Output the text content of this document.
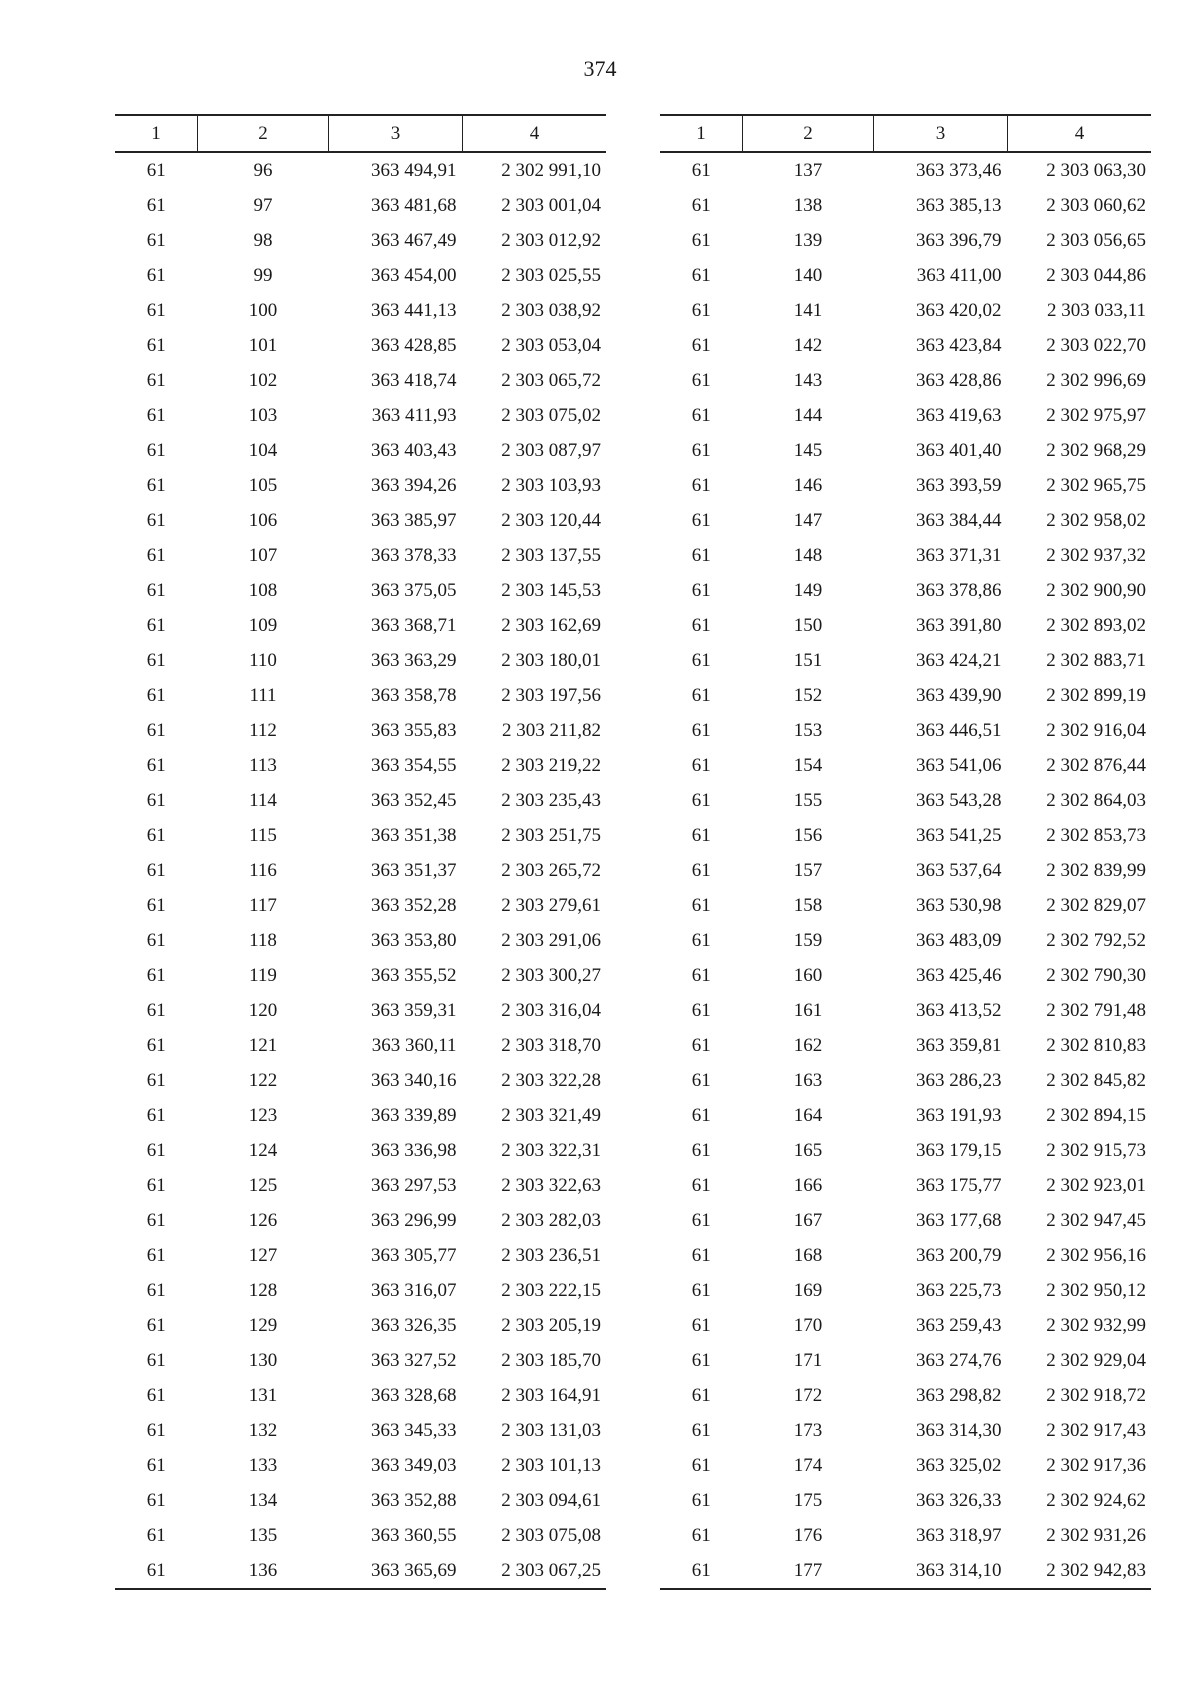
374
1	2	3	4
61	96	363 494,91	2 302 991,10
61	97	363 481,68	2 303 001,04
61	98	363 467,49	2 303 012,92
61	99	363 454,00	2 303 025,55
61	100	363 441,13	2 303 038,92
61	101	363 428,85	2 303 053,04
61	102	363 418,74	2 303 065,72
61	103	363 411,93	2 303 075,02
61	104	363 403,43	2 303 087,97
61	105	363 394,26	2 303 103,93
61	106	363 385,97	2 303 120,44
61	107	363 378,33	2 303 137,55
61	108	363 375,05	2 303 145,53
61	109	363 368,71	2 303 162,69
61	110	363 363,29	2 303 180,01
61	111	363 358,78	2 303 197,56
61	112	363 355,83	2 303 211,82
61	113	363 354,55	2 303 219,22
61	114	363 352,45	2 303 235,43
61	115	363 351,38	2 303 251,75
61	116	363 351,37	2 303 265,72
61	117	363 352,28	2 303 279,61
61	118	363 353,80	2 303 291,06
61	119	363 355,52	2 303 300,27
61	120	363 359,31	2 303 316,04
61	121	363 360,11	2 303 318,70
61	122	363 340,16	2 303 322,28
61	123	363 339,89	2 303 321,49
61	124	363 336,98	2 303 322,31
61	125	363 297,53	2 303 322,63
61	126	363 296,99	2 303 282,03
61	127	363 305,77	2 303 236,51
61	128	363 316,07	2 303 222,15
61	129	363 326,35	2 303 205,19
61	130	363 327,52	2 303 185,70
61	131	363 328,68	2 303 164,91
61	132	363 345,33	2 303 131,03
61	133	363 349,03	2 303 101,13
61	134	363 352,88	2 303 094,61
61	135	363 360,55	2 303 075,08
61	136	363 365,69	2 303 067,25
1	2	3	4
61	137	363 373,46	2 303 063,30
61	138	363 385,13	2 303 060,62
61	139	363 396,79	2 303 056,65
61	140	363 411,00	2 303 044,86
61	141	363 420,02	2 303 033,11
61	142	363 423,84	2 303 022,70
61	143	363 428,86	2 302 996,69
61	144	363 419,63	2 302 975,97
61	145	363 401,40	2 302 968,29
61	146	363 393,59	2 302 965,75
61	147	363 384,44	2 302 958,02
61	148	363 371,31	2 302 937,32
61	149	363 378,86	2 302 900,90
61	150	363 391,80	2 302 893,02
61	151	363 424,21	2 302 883,71
61	152	363 439,90	2 302 899,19
61	153	363 446,51	2 302 916,04
61	154	363 541,06	2 302 876,44
61	155	363 543,28	2 302 864,03
61	156	363 541,25	2 302 853,73
61	157	363 537,64	2 302 839,99
61	158	363 530,98	2 302 829,07
61	159	363 483,09	2 302 792,52
61	160	363 425,46	2 302 790,30
61	161	363 413,52	2 302 791,48
61	162	363 359,81	2 302 810,83
61	163	363 286,23	2 302 845,82
61	164	363 191,93	2 302 894,15
61	165	363 179,15	2 302 915,73
61	166	363 175,77	2 302 923,01
61	167	363 177,68	2 302 947,45
61	168	363 200,79	2 302 956,16
61	169	363 225,73	2 302 950,12
61	170	363 259,43	2 302 932,99
61	171	363 274,76	2 302 929,04
61	172	363 298,82	2 302 918,72
61	173	363 314,30	2 302 917,43
61	174	363 325,02	2 302 917,36
61	175	363 326,33	2 302 924,62
61	176	363 318,97	2 302 931,26
61	177	363 314,10	2 302 942,83
